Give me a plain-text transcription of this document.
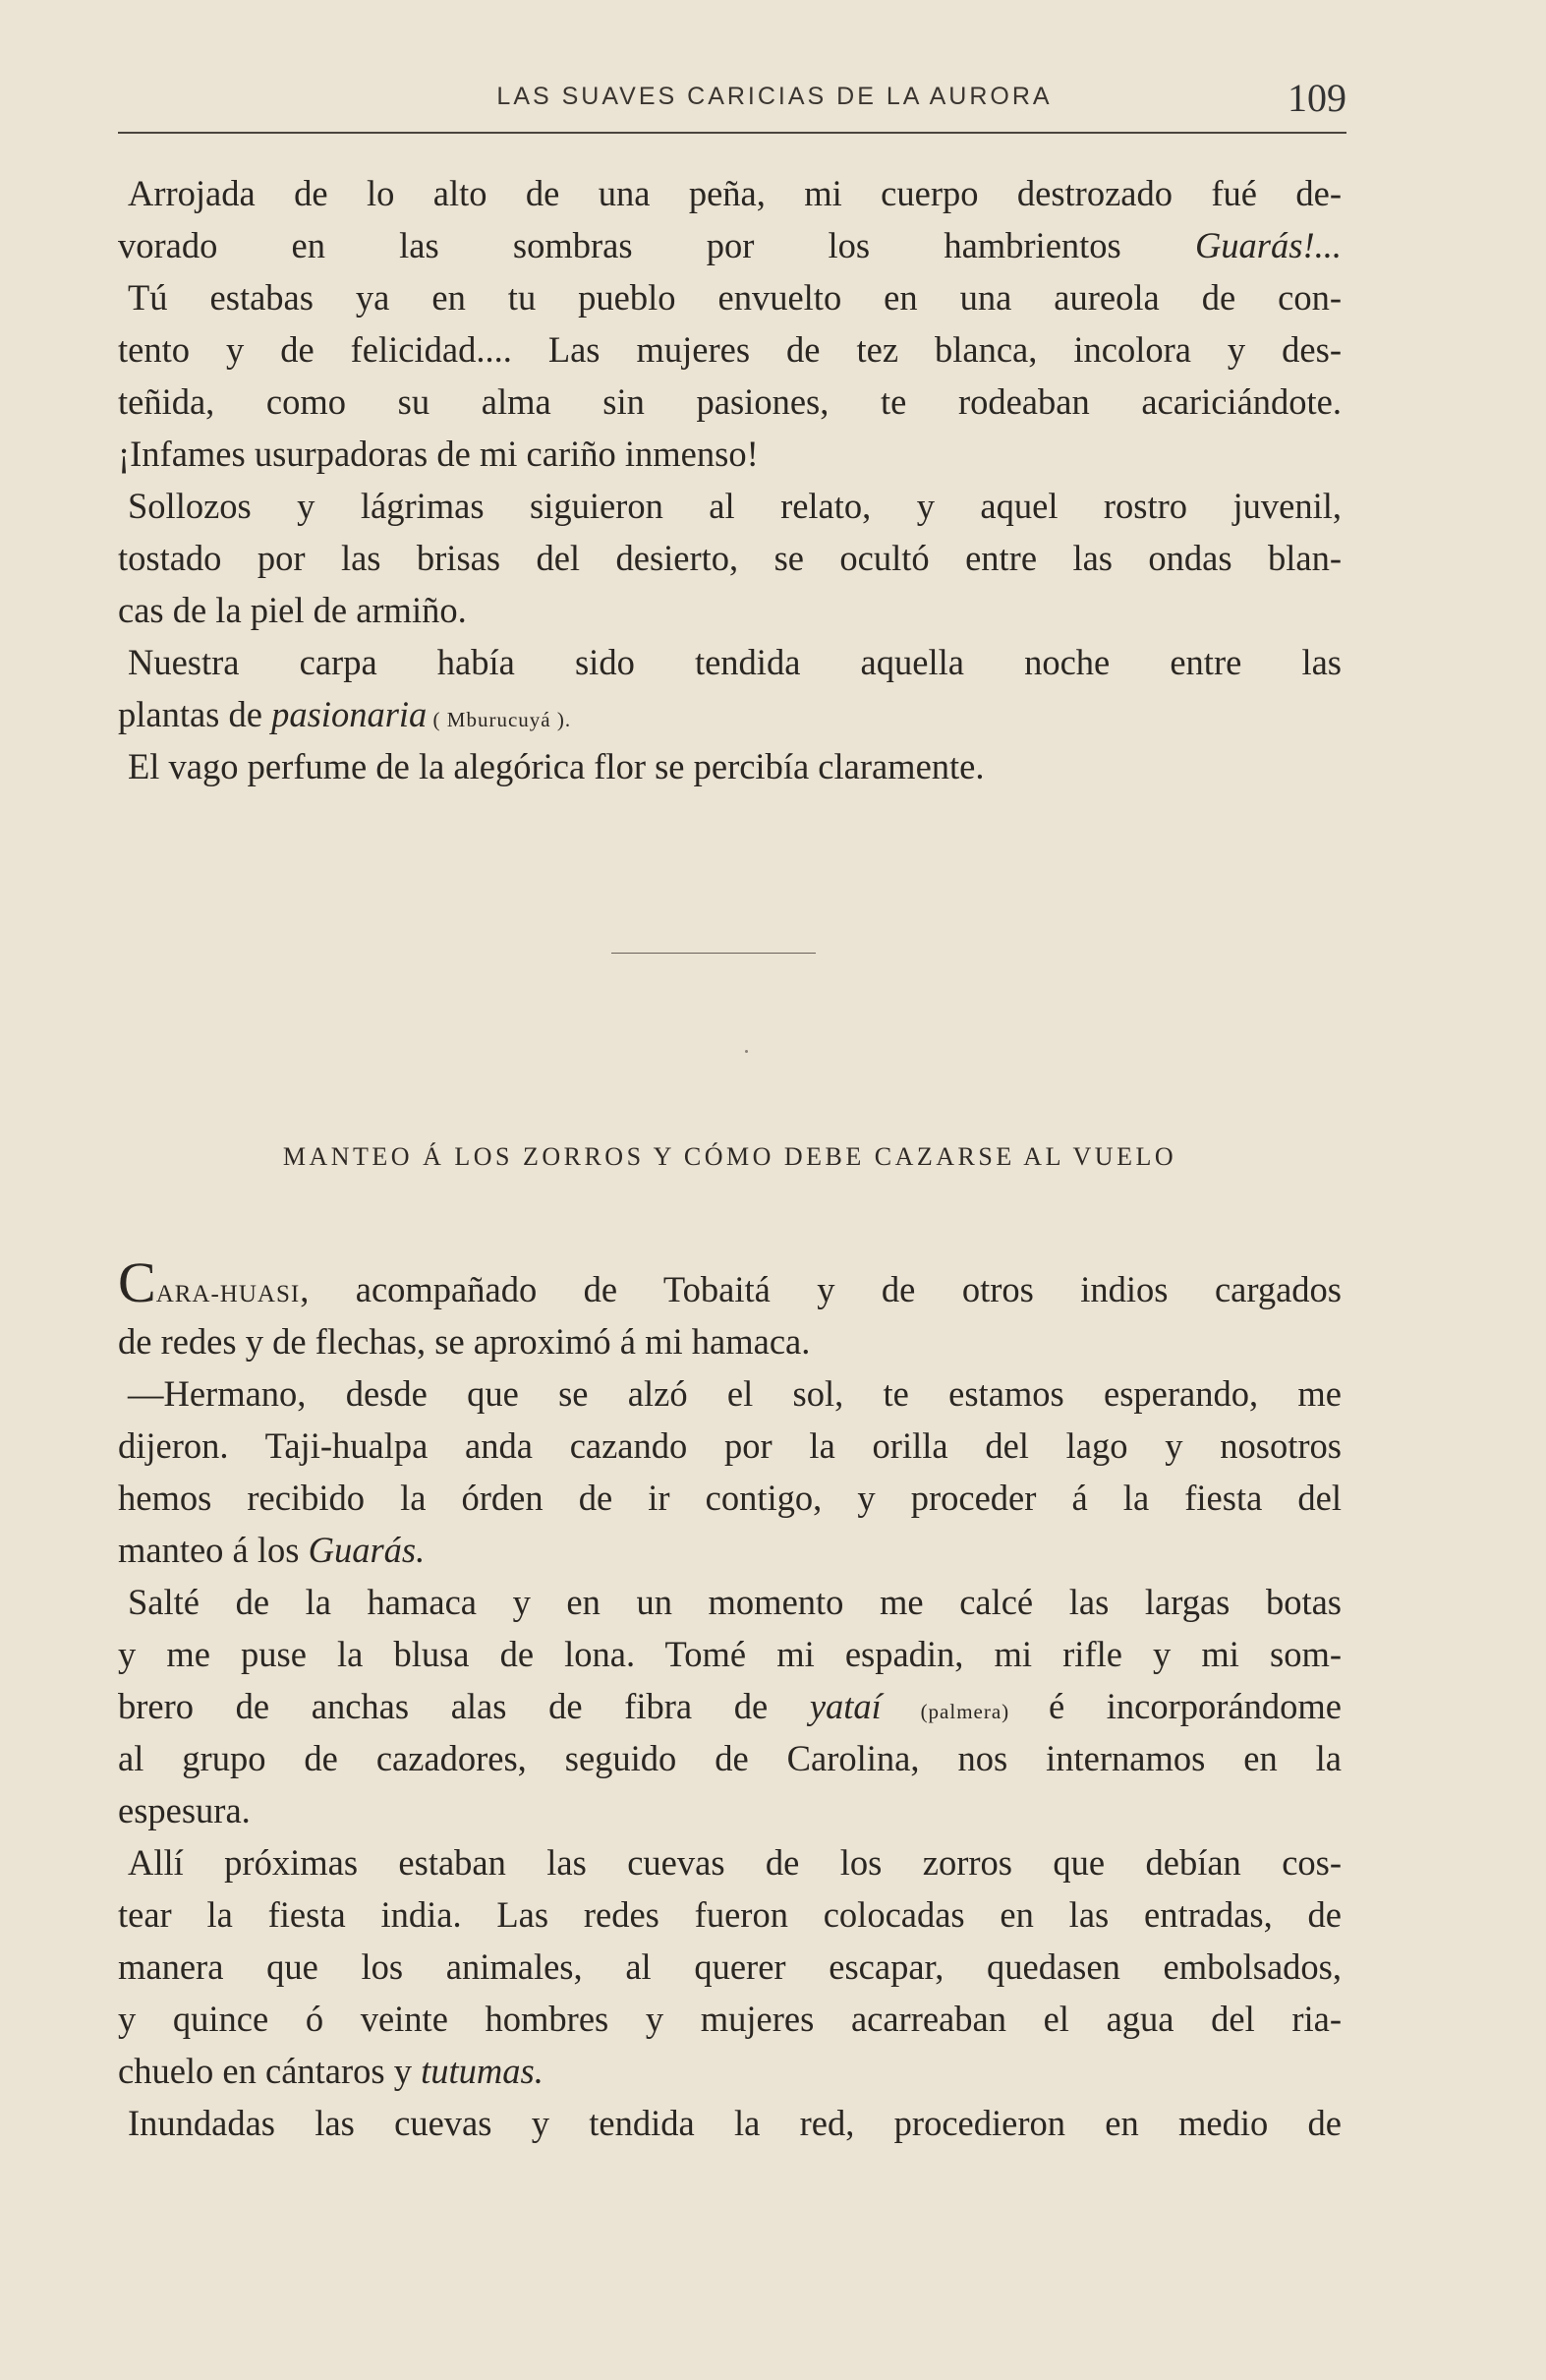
LAS SUAVES CARICIAS DE LA AURORA	109
Arrojada de lo alto de una peña, mi cuerpo destrozado fué de-
vorado en las sombras por los hambrientos Guarás!...
Tú estabas ya en tu pueblo envuelto en una aureola de con-
tento y de felicidad.... Las mujeres de tez blanca, incolora y des-
teñida, como su alma sin pasiones, te rodeaban acariciándote.
¡Infames usurpadoras de mi cariño inmenso!
Sollozos y lágrimas siguieron al relato, y aquel rostro juvenil,
tostado por las brisas del desierto, se ocultó entre las ondas blan-
cas de la piel de armiño.
Nuestra carpa había sido tendida aquella noche entre las
plantas de pasionaria ( Mburucuyá ).
El vago perfume de la alegórica flor se percibía claramente.
MANTEO Á LOS ZORROS Y CÓMO DEBE CAZARSE AL VUELO
CARA-HUASI, acompañado de Tobaitá y de otros indios cargados
de redes y de flechas, se aproximó á mi hamaca.
—Hermano, desde que se alzó el sol, te estamos esperando, me
dijeron. Taji-hualpa anda cazando por la orilla del lago y nosotros
hemos recibido la órden de ir contigo, y proceder á la fiesta del
manteo á los Guarás.
Salté de la hamaca y en un momento me calcé las largas botas
y me puse la blusa de lona. Tomé mi espadin, mi rifle y mi som-
brero de anchas alas de fibra de yataí (palmera) é incorporándome
al grupo de cazadores, seguido de Carolina, nos internamos en la
espesura.
Allí próximas estaban las cuevas de los zorros que debían cos-
tear la fiesta india. Las redes fueron colocadas en las entradas, de
manera que los animales, al querer escapar, quedasen embolsados,
y quince ó veinte hombres y mujeres acarreaban el agua del ria-
chuelo en cántaros y tutumas.
Inundadas las cuevas y tendida la red, procedieron en medio de
